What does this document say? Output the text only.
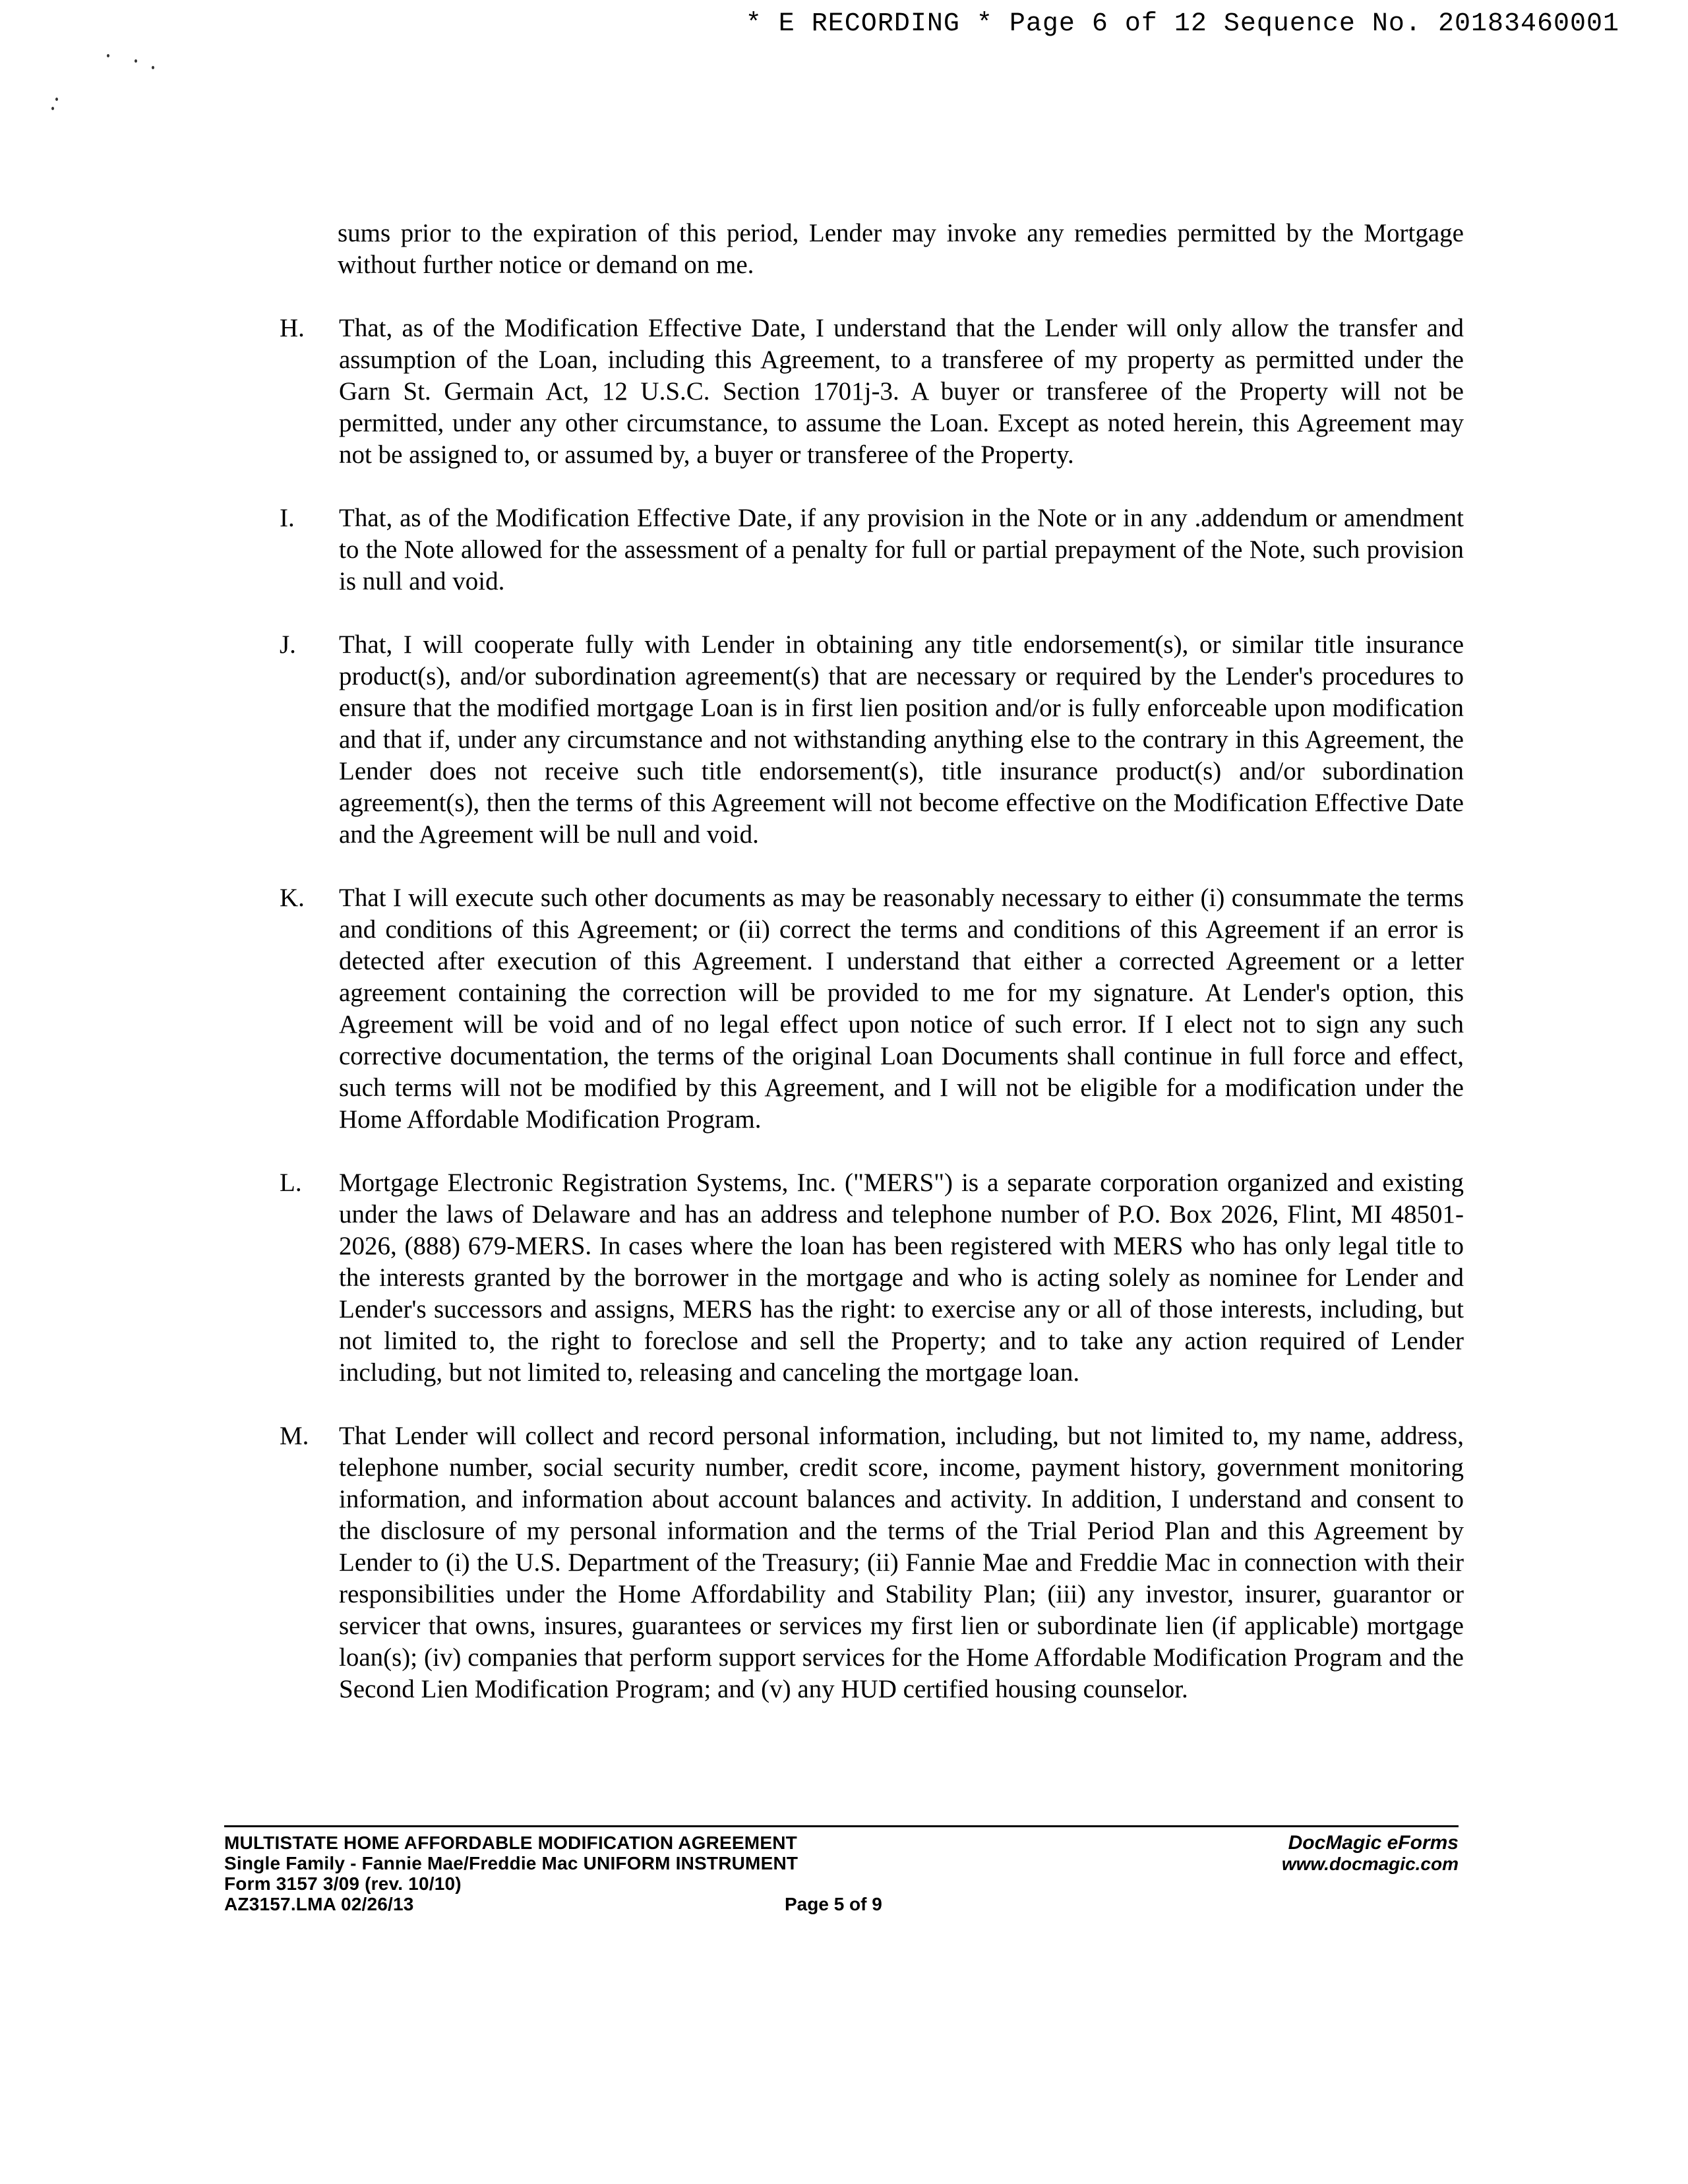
* E RECORDING * Page 6 of 12 Sequence No. 20183460001

sums prior to the expiration of this period, Lender may invoke any remedies permitted by the Mortgage without further notice or demand on me.

H.	That, as of the Modification Effective Date, I understand that the Lender will only allow the transfer and assumption of the Loan, including this Agreement, to a transferee of my property as permitted under the Garn St. Germain Act, 12 U.S.C. Section 1701j-3. A buyer or transferee of the Property will not be permitted, under any other circumstance, to assume the Loan. Except as noted herein, this Agreement may not be assigned to, or assumed by, a buyer or transferee of the Property.
I.	That, as of the Modification Effective Date, if any provision in the Note or in any .addendum or amendment to the Note allowed for the assessment of a penalty for full or partial prepayment of the Note, such provision is null and void.
J.	That, I will cooperate fully with Lender in obtaining any title endorsement(s), or similar title insurance product(s), and/or subordination agreement(s) that are necessary or required by the Lender's procedures to ensure that the modified mortgage Loan is in first lien position and/or is fully enforceable upon modification and that if, under any circumstance and not withstanding anything else to the contrary in this Agreement, the Lender does not receive such title endorsement(s), title insurance product(s) and/or subordination agreement(s), then the terms of this Agreement will not become effective on the Modification Effective Date and the Agreement will be null and void.
K.	That I will execute such other documents as may be reasonably necessary to either (i) consummate the terms and conditions of this Agreement; or (ii) correct the terms and conditions of this Agreement if an error is detected after execution of this Agreement. I understand that either a corrected Agreement or a letter agreement containing the correction will be provided to me for my signature. At Lender's option, this Agreement will be void and of no legal effect upon notice of such error. If I elect not to sign any such corrective documentation, the terms of the original Loan Documents shall continue in full force and effect, such terms will not be modified by this Agreement, and I will not be eligible for a modification under the Home Affordable Modification Program.
L.	Mortgage Electronic Registration Systems, Inc. ("MERS") is a separate corporation organized and existing under the laws of Delaware and has an address and telephone number of P.O. Box 2026, Flint, MI 48501-2026, (888) 679-MERS. In cases where the loan has been registered with MERS who has only legal title to the interests granted by the borrower in the mortgage and who is acting solely as nominee for Lender and Lender's successors and assigns, MERS has the right: to exercise any or all of those interests, including, but not limited to, the right to foreclose and sell the Property; and to take any action required of Lender including, but not limited to, releasing and canceling the mortgage loan.
M.	That Lender will collect and record personal information, including, but not limited to, my name, address, telephone number, social security number, credit score, income, payment history, government monitoring information, and information about account balances and activity. In addition, I understand and consent to the disclosure of my personal information and the terms of the Trial Period Plan and this Agreement by Lender to (i) the U.S. Department of the Treasury; (ii) Fannie Mae and Freddie Mac in connection with their responsibilities under the Home Affordability and Stability Plan; (iii) any investor, insurer, guarantor or servicer that owns, insures, guarantees or services my first lien or subordinate lien (if applicable) mortgage loan(s); (iv) companies that perform support services for the Home Affordable Modification Program and the Second Lien Modification Program; and (v) any HUD certified housing counselor.
MULTISTATE HOME AFFORDABLE MODIFICATION AGREEMENT
Single Family - Fannie Mae/Freddie Mac UNIFORM INSTRUMENT
Form 3157 3/09 (rev. 10/10)
AZ3157.LMA 02/26/13	Page 5 of 9
DocMagic eForms
www.docmagic.com
